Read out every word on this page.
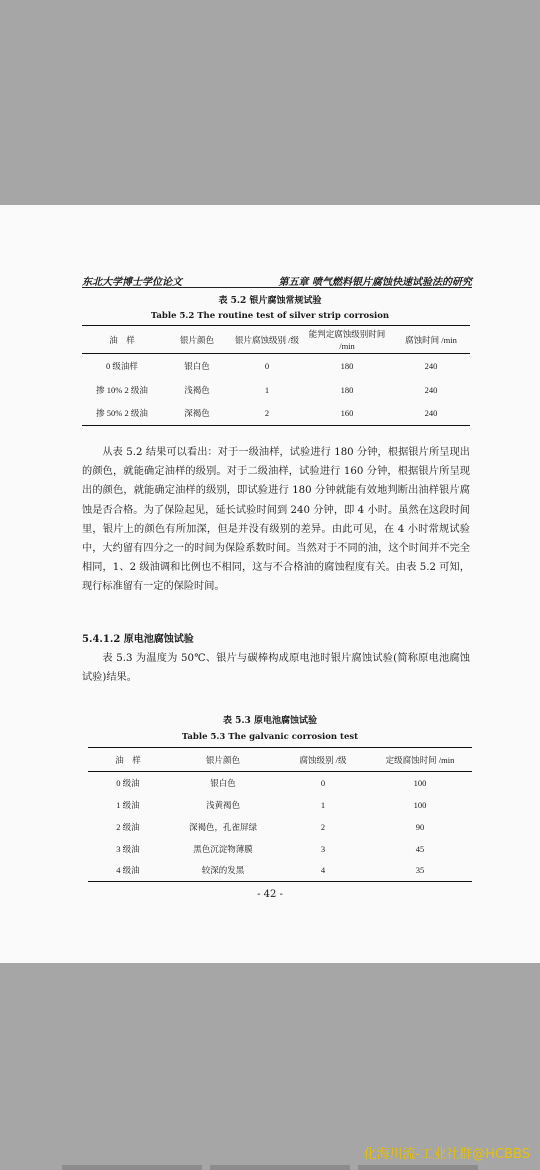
东北大学博士学位论文	第五章 喷气燃料银片腐蚀快速试验法的研究
表 5.2 银片腐蚀常规试验
Table 5.2 The routine test of silver strip corrosion
油　样	银片颜色	银片腐蚀级别 /级	能判定腐蚀级别时间 /min	腐蚀时间 /min
0 级油样	银白色	0	180	240
掺 10% 2 级油	浅褐色	1	180	240
掺 50% 2 级油	深褐色	2	160	240
从表 5.2 结果可以看出：对于一级油样，试验进行 180 分钟，根据银片所呈现出的颜色，就能确定油样的级别。对于二级油样，试验进行 160 分钟，根据银片所呈现出的颜色，就能确定油样的级别，即试验进行 180 分钟就能有效地判断出油样银片腐蚀是否合格。为了保险起见，延长试验时间到 240 分钟，即 4 小时。虽然在这段时间里，银片上的颜色有所加深，但是并没有级别的差异。由此可见，在 4 小时常规试验中，大约留有四分之一的时间为保险系数时间。当然对于不同的油，这个时间并不完全相同，1、2 级油调和比例也不相同，这与不合格油的腐蚀程度有关。由表 5.2 可知，现行标准留有一定的保险时间。
5.4.1.2 原电池腐蚀试验
表 5.3 为温度为 50℃、银片与碳棒构成原电池时银片腐蚀试验(简称原电池腐蚀试验)结果。
表 5.3 原电池腐蚀试验
Table 5.3 The galvanic corrosion test
油　样	银片颜色	腐蚀级别 /级	定级腐蚀时间 /min
0 级油	银白色	0	100
1 级油	浅黄褐色	1	100
2 级油	深褐色，孔雀屏绿	2	90
3 级油	黑色沉淀物薄膜	3	45
4 级油	较深的发黑	4	35
- 42 -
化海川流-工业社群@HCBBS
